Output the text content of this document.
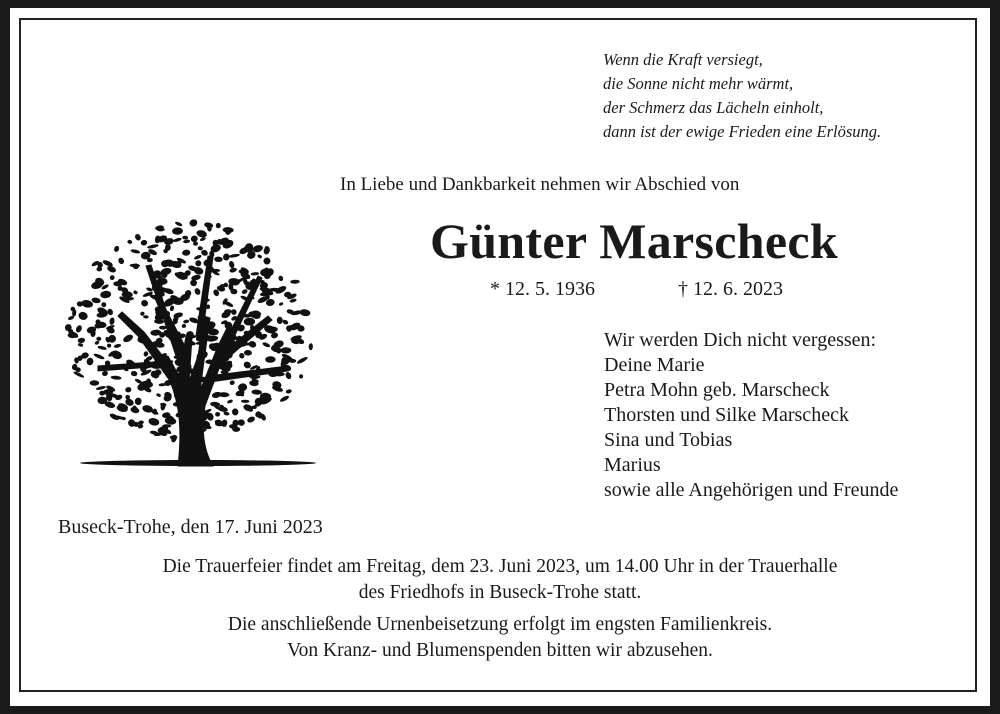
Wenn die Kraft versiegt,
die Sonne nicht mehr wärmt,
der Schmerz das Lächeln einholt,
dann ist der ewige Frieden eine Erlösung.
In Liebe und Dankbarkeit nehmen wir Abschied von
Günter Marscheck
* 12. 5. 1936	† 12. 6. 2023
Wir werden Dich nicht vergessen:
Deine Marie
Petra Mohn geb. Marscheck
Thorsten und Silke Marscheck
Sina und Tobias
Marius
sowie alle Angehörigen und Freunde
Buseck-Trohe, den 17. Juni 2023
Die Trauerfeier findet am Freitag, dem 23. Juni 2023, um 14.00 Uhr in der Trauerhalle
des Friedhofs in Buseck-Trohe statt.
Die anschließende Urnenbeisetzung erfolgt im engsten Familienkreis.
Von Kranz- und Blumenspenden bitten wir abzusehen.
